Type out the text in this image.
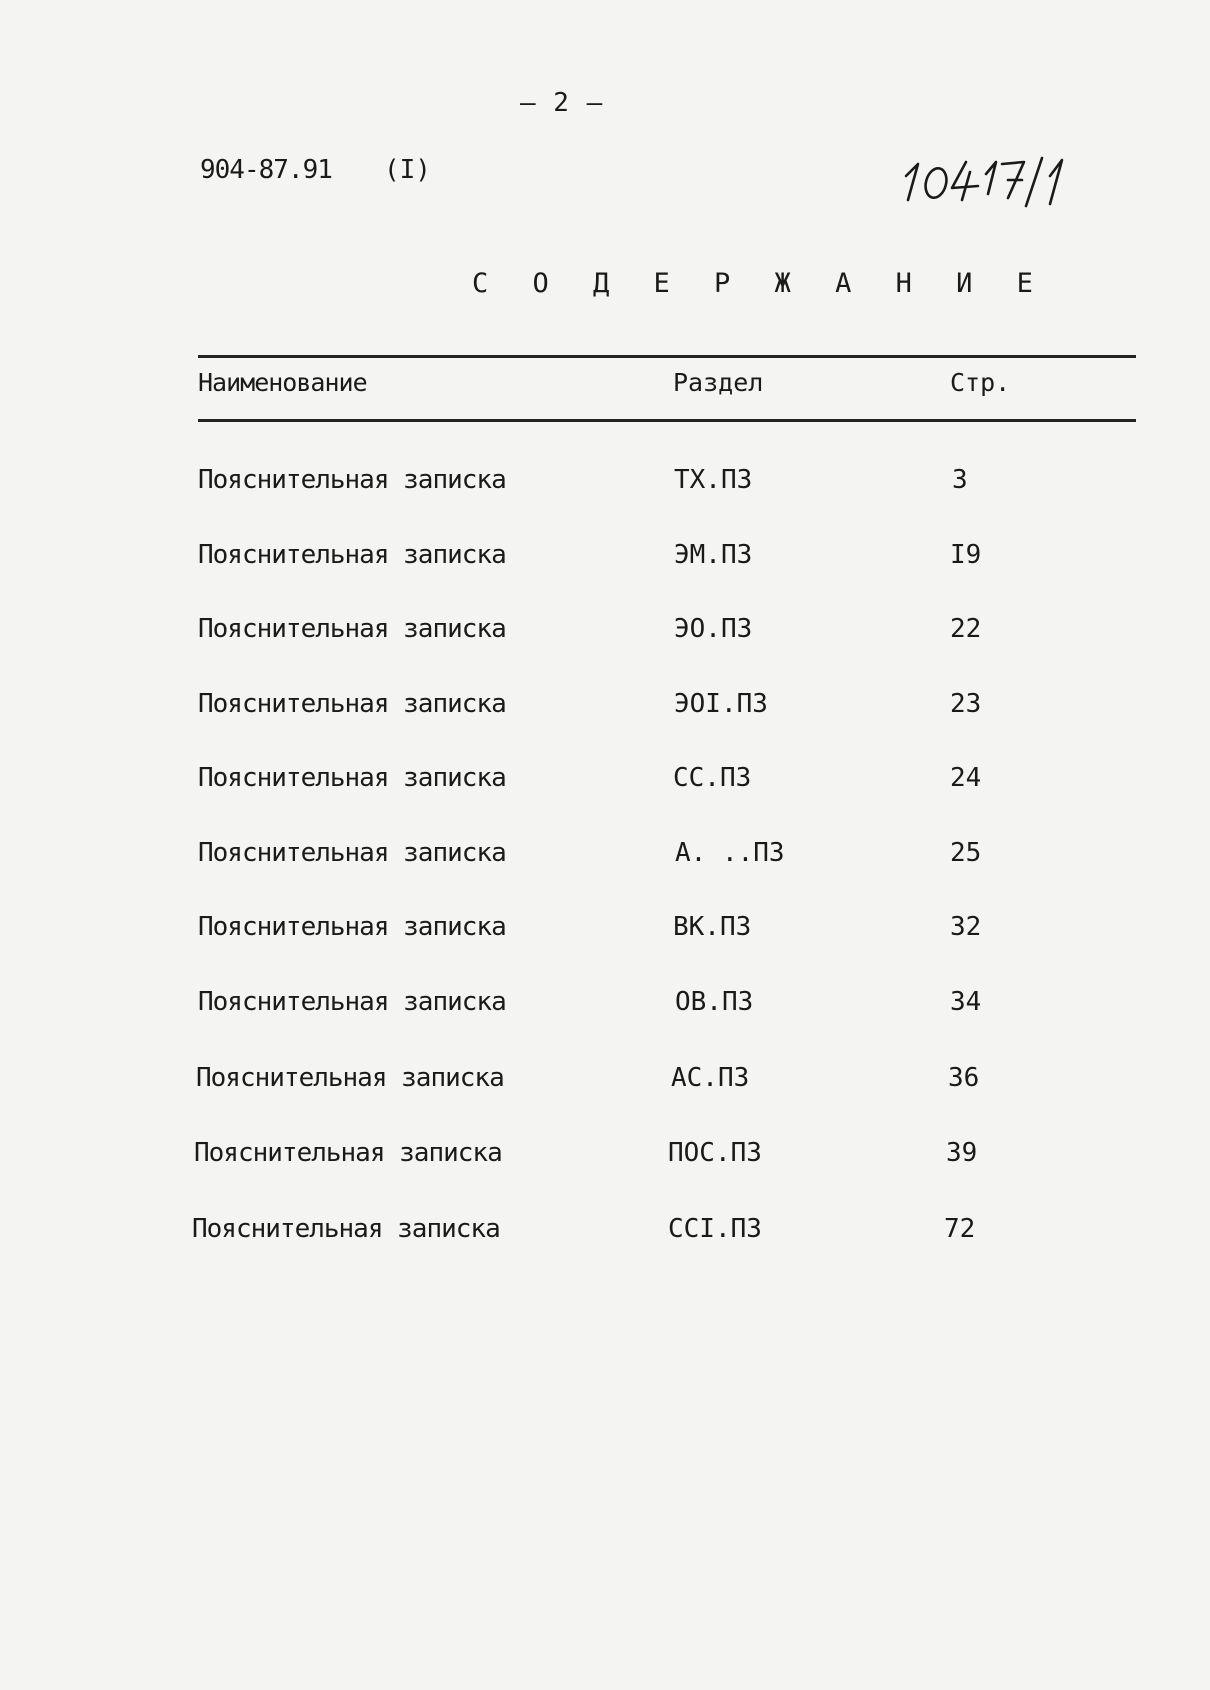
– 2 –
904-87.91 (I)
С О Д Е Р Ж А Н И Е
Наименование	Раздел	Стр.
Пояснительная записка	ТХ.ПЗ	3
Пояснительная записка	ЭМ.ПЗ	I9
Пояснительная записка	ЭО.ПЗ	22
Пояснительная записка	ЭОI.ПЗ	23
Пояснительная записка	СС.ПЗ	24
Пояснительная записка	А. ..ПЗ	25
Пояснительная записка	ВК.ПЗ	32
Пояснительная записка	ОВ.ПЗ	34
Пояснительная записка	АС.ПЗ	36
Пояснительная записка	ПОС.ПЗ	39
Пояснительная записка	ССI.ПЗ	72
